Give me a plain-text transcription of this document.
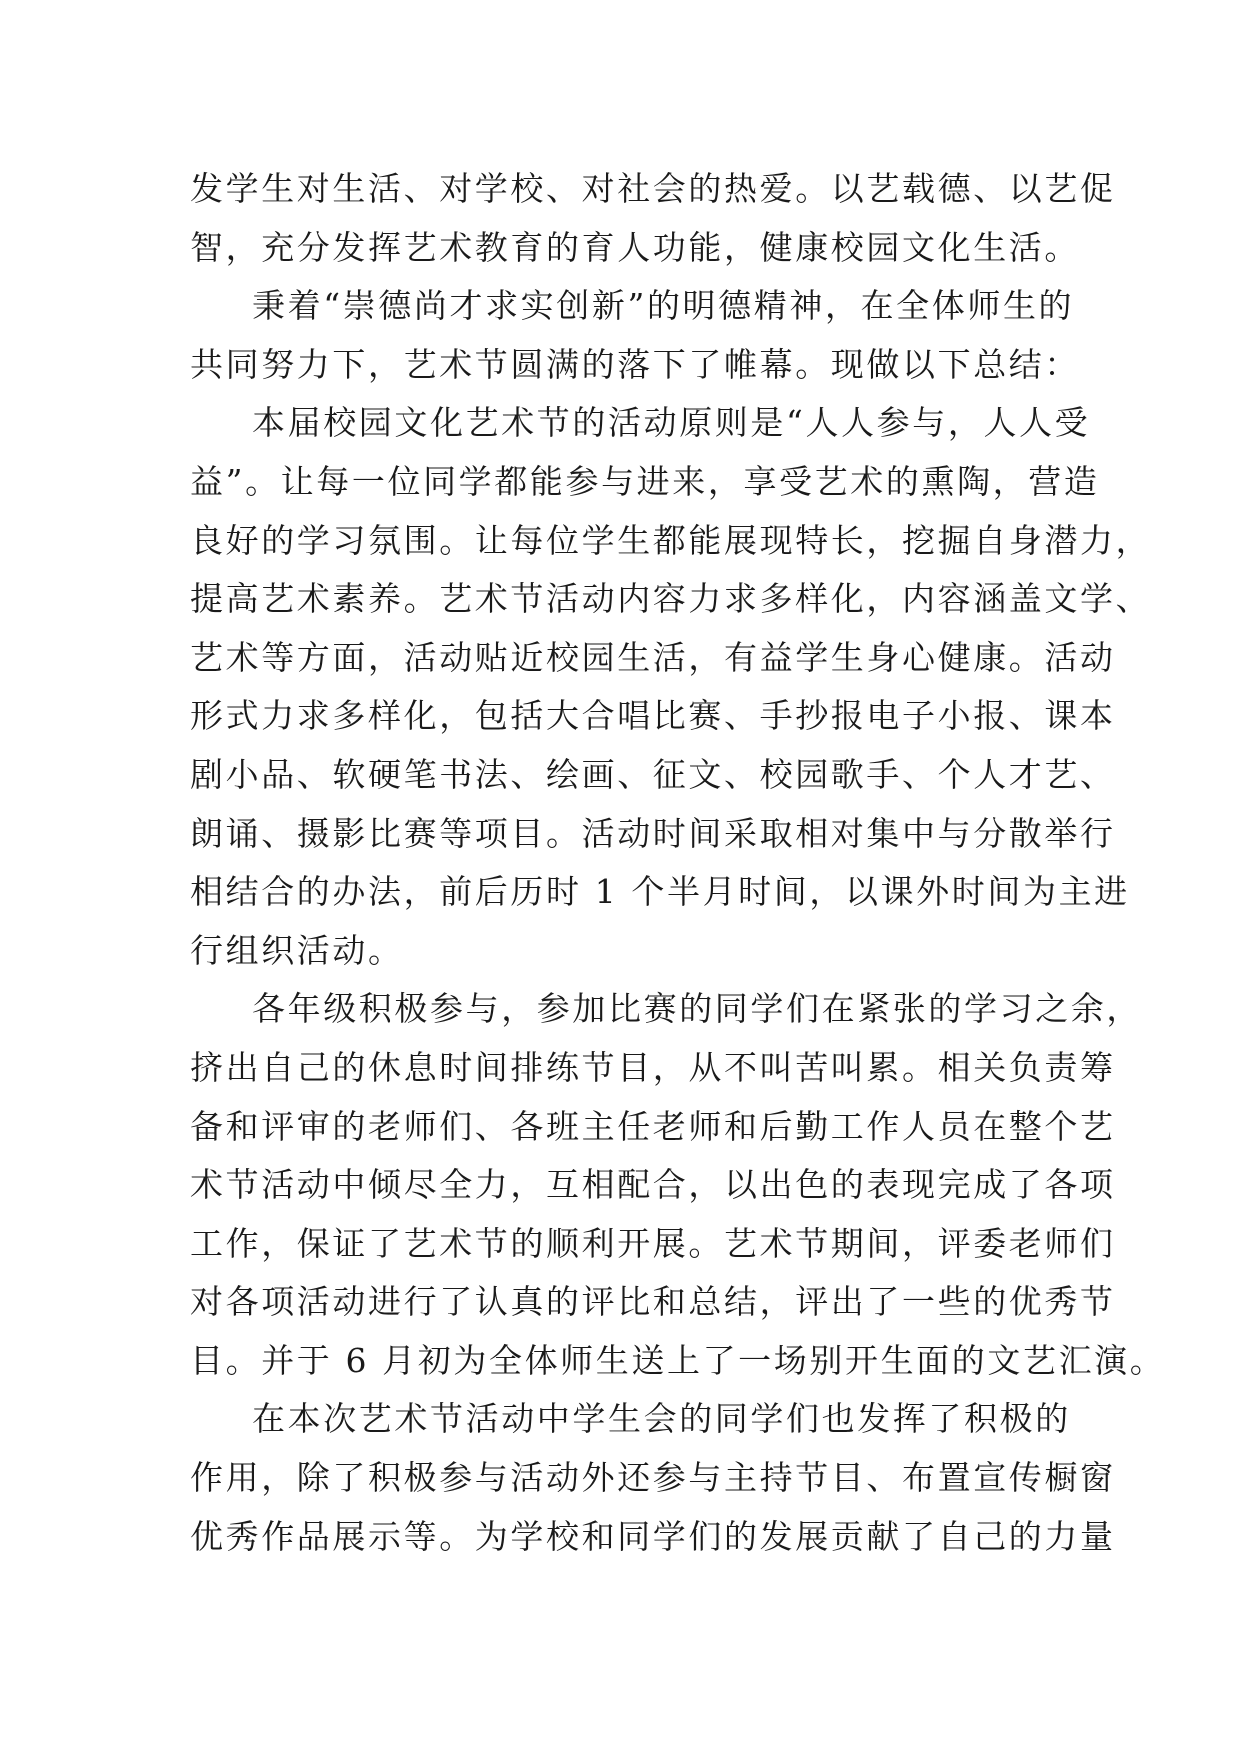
发学生对生活、对学校、对社会的热爱。以艺载德、以艺促
智，充分发挥艺术教育的育人功能，健康校园文化生活。
秉着“崇德尚才求实创新”的明德精神，在全体师生的
共同努力下，艺术节圆满的落下了帷幕。现做以下总结：
本届校园文化艺术节的活动原则是“人人参与，人人受
益”。让每一位同学都能参与进来，享受艺术的熏陶，营造
良好的学习氛围。让每位学生都能展现特长，挖掘自身潜力，
提高艺术素养。艺术节活动内容力求多样化，内容涵盖文学、
艺术等方面，活动贴近校园生活，有益学生身心健康。活动
形式力求多样化，包括大合唱比赛、手抄报电子小报、课本
剧小品、软硬笔书法、绘画、征文、校园歌手、个人才艺、
朗诵、摄影比赛等项目。活动时间采取相对集中与分散举行
相结合的办法，前后历时 1 个半月时间，以课外时间为主进
行组织活动。
各年级积极参与，参加比赛的同学们在紧张的学习之余，
挤出自己的休息时间排练节目，从不叫苦叫累。相关负责筹
备和评审的老师们、各班主任老师和后勤工作人员在整个艺
术节活动中倾尽全力，互相配合，以出色的表现完成了各项
工作，保证了艺术节的顺利开展。艺术节期间，评委老师们
对各项活动进行了认真的评比和总结，评出了一些的优秀节
目。并于 6 月初为全体师生送上了一场别开生面的文艺汇演。
在本次艺术节活动中学生会的同学们也发挥了积极的
作用，除了积极参与活动外还参与主持节目、布置宣传橱窗
优秀作品展示等。为学校和同学们的发展贡献了自己的力量
